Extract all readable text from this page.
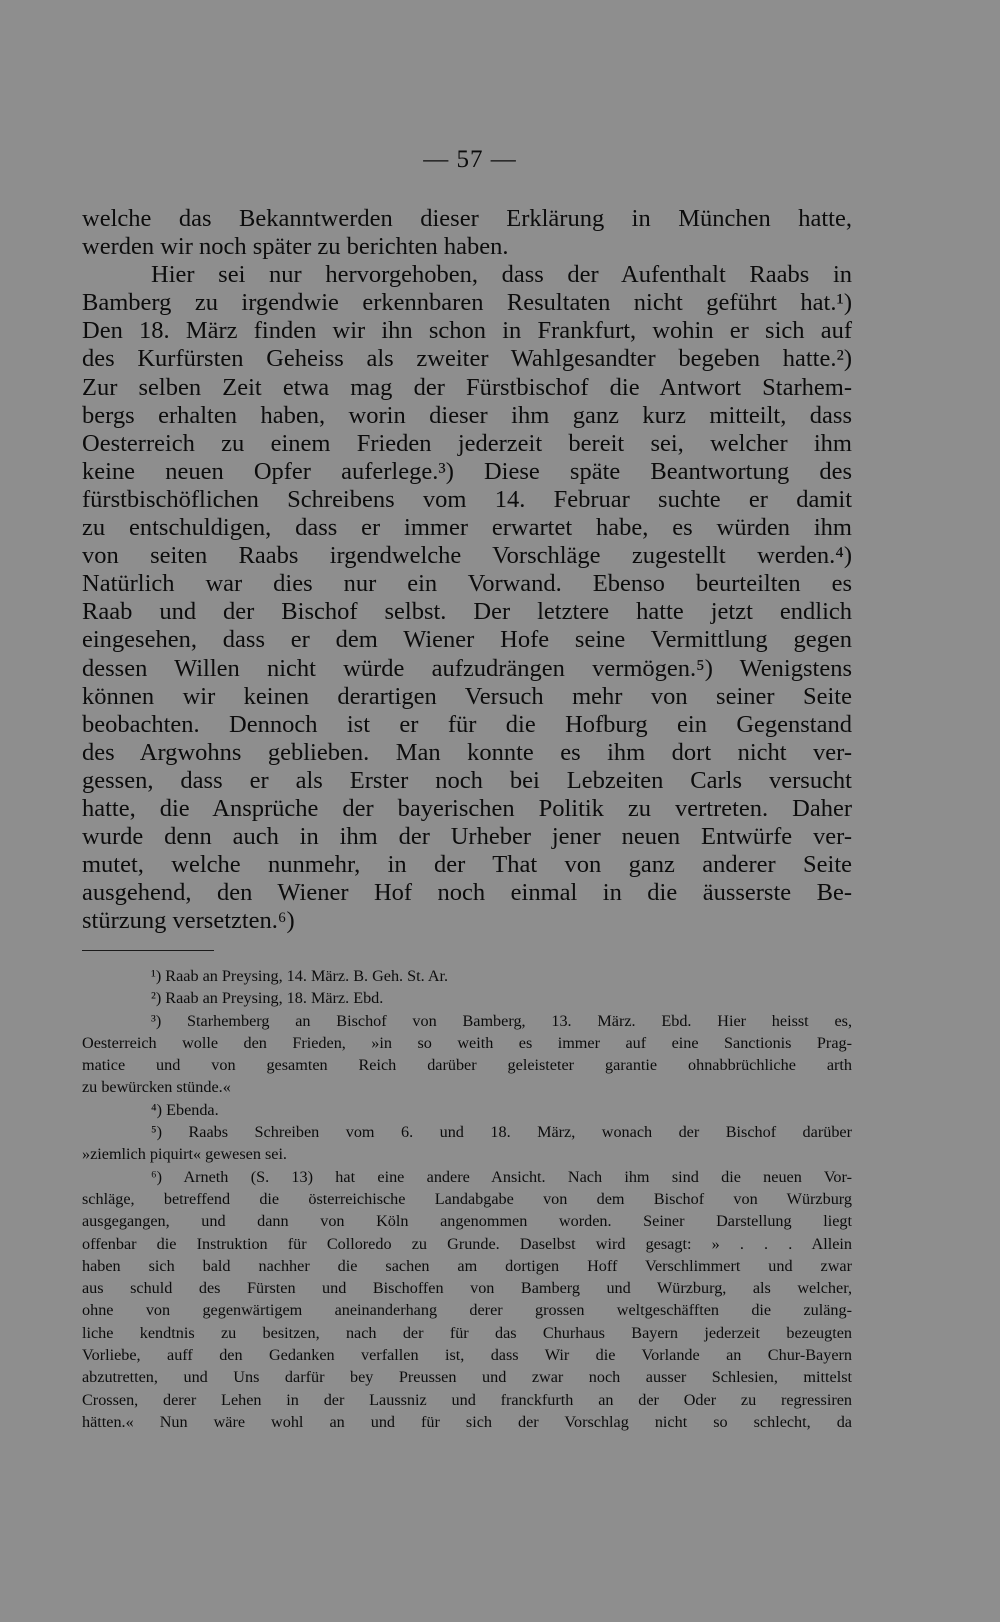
— 57 —
welche das Bekanntwerden dieser Erklärung in München hatte,
werden wir noch später zu berichten haben.
Hier sei nur hervorgehoben, dass der Aufenthalt Raabs in
Bamberg zu irgendwie erkennbaren Resultaten nicht geführt hat.¹)
Den 18. März finden wir ihn schon in Frankfurt, wohin er sich auf
des Kurfürsten Geheiss als zweiter Wahlgesandter begeben hatte.²)
Zur selben Zeit etwa mag der Fürstbischof die Antwort Starhem-
bergs erhalten haben, worin dieser ihm ganz kurz mitteilt, dass
Oesterreich zu einem Frieden jederzeit bereit sei, welcher ihm
keine neuen Opfer auferlege.³) Diese späte Beantwortung des
fürstbischöflichen Schreibens vom 14. Februar suchte er damit
zu entschuldigen, dass er immer erwartet habe, es würden ihm
von seiten Raabs irgendwelche Vorschläge zugestellt werden.⁴)
Natürlich war dies nur ein Vorwand. Ebenso beurteilten es
Raab und der Bischof selbst. Der letztere hatte jetzt endlich
eingesehen, dass er dem Wiener Hofe seine Vermittlung gegen
dessen Willen nicht würde aufzudrängen vermögen.⁵) Wenigstens
können wir keinen derartigen Versuch mehr von seiner Seite
beobachten. Dennoch ist er für die Hofburg ein Gegenstand
des Argwohns geblieben. Man konnte es ihm dort nicht ver-
gessen, dass er als Erster noch bei Lebzeiten Carls versucht
hatte, die Ansprüche der bayerischen Politik zu vertreten. Daher
wurde denn auch in ihm der Urheber jener neuen Entwürfe ver-
mutet, welche nunmehr, in der That von ganz anderer Seite
ausgehend, den Wiener Hof noch einmal in die äusserste Be-
stürzung versetzten.⁶)
¹) Raab an Preysing, 14. März. B. Geh. St. Ar.
²) Raab an Preysing, 18. März. Ebd.
³) Starhemberg an Bischof von Bamberg, 13. März. Ebd. Hier heisst es,
Oesterreich wolle den Frieden, »in so weith es immer auf eine Sanctionis Prag-
matice und von gesamten Reich darüber geleisteter garantie ohnabbrüchliche arth
zu bewürcken stünde.«
⁴) Ebenda.
⁵) Raabs Schreiben vom 6. und 18. März, wonach der Bischof darüber
»ziemlich piquirt« gewesen sei.
⁶) Arneth (S. 13) hat eine andere Ansicht. Nach ihm sind die neuen Vor-
schläge, betreffend die österreichische Landabgabe von dem Bischof von Würzburg
ausgegangen, und dann von Köln angenommen worden. Seiner Darstellung liegt
offenbar die Instruktion für Colloredo zu Grunde. Daselbst wird gesagt: » . . . Allein
haben sich bald nachher die sachen am dortigen Hoff Verschlimmert und zwar
aus schuld des Fürsten und Bischoffen von Bamberg und Würzburg, als welcher,
ohne von gegenwärtigem aneinanderhang derer grossen weltgeschäfften die zuläng-
liche kendtnis zu besitzen, nach der für das Churhaus Bayern jederzeit bezeugten
Vorliebe, auff den Gedanken verfallen ist, dass Wir die Vorlande an Chur-Bayern
abzutretten, und Uns darfür bey Preussen und zwar noch ausser Schlesien, mittelst
Crossen, derer Lehen in der Laussniz und franckfurth an der Oder zu regressiren
hätten.« Nun wäre wohl an und für sich der Vorschlag nicht so schlecht, da
